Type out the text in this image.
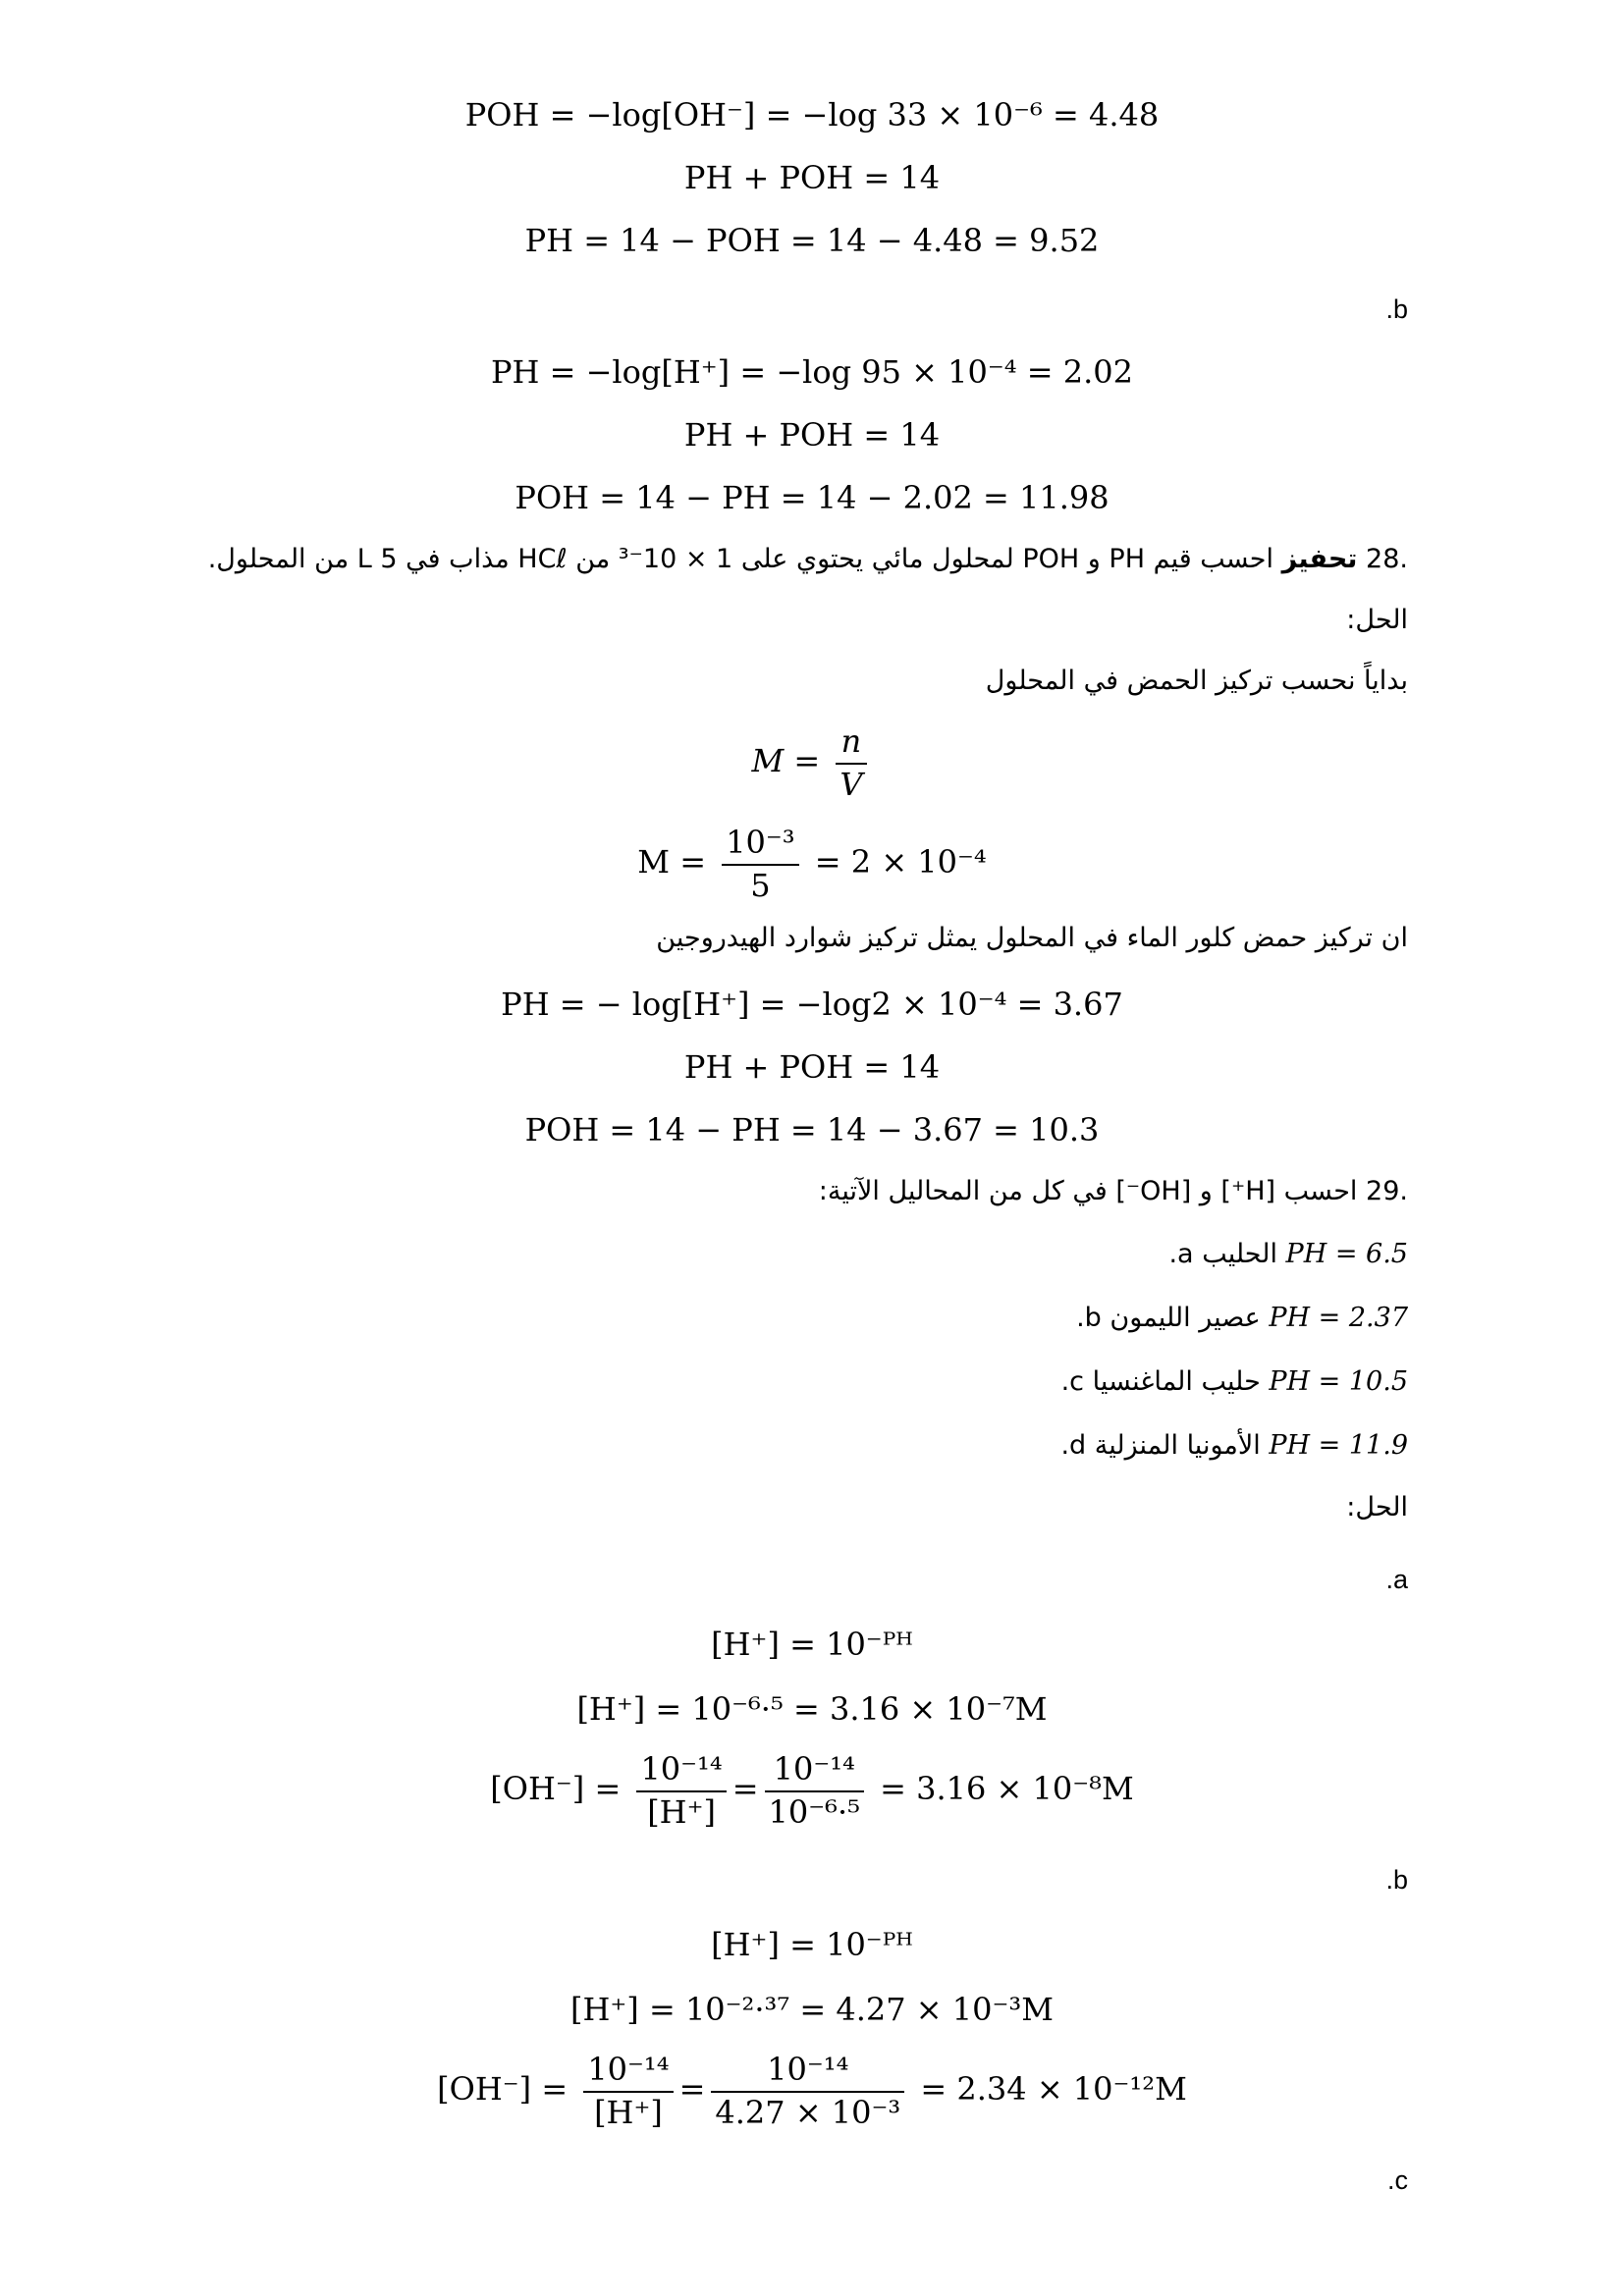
POH = −log[OH⁻] = −log 33 × 10⁻⁶ = 4.48
PH + POH = 14
PH = 14 − POH = 14 − 4.48 = 9.52
.b
PH = −log[H⁺] = −log 95 × 10⁻⁴ = 2.02
PH + POH = 14
POH = 14 − PH = 14 − 2.02 = 11.98
.28 تحفيز احسب قيم PH و POH لمحلول مائي يحتوي على 1 × 10⁻³ من HCℓ مذاب في 5 L من المحلول.
الحل:
بداياً نحسب تركيز الحمض في المحلول
$M = \frac{n}{V}$
$M = \frac{\text{10⁻³}}{5} = 2 \times 10^{-4}$
ان تركيز حمض كلور الماء في المحلول يمثل تركيز شوارد الهيدروجين
PH = − log[H⁺] = −log2 × 10⁻⁴ = 3.67
PH + POH = 14
POH = 14 − PH = 14 − 3.67 = 10.3
.29 احسب [H⁺] و [OH⁻] في كل من المحاليل الآتية:
.a الحليب PH = 6.5
.b عصير الليمون PH = 2.37
.c حليب الماغنسيا PH = 10.5
.d الأمونيا المنزلية PH = 11.9
الحل:
.a
[H⁺] = 10⁻ᴾᴴ
[H⁺] = 10⁻⁶·⁵ = 3.16 × 10⁻⁷M
$[OH^-] = \frac{\text{10⁻¹⁴}}{[H^+]} = \frac{\text{10⁻¹⁴}}{\text{10⁻⁶·⁵}} = 3.16 \times 10^{-8}M$
.b
[H⁺] = 10⁻ᴾᴴ
[H⁺] = 10⁻²·³⁷ = 4.27 × 10⁻³M
$[OH^-] = \frac{\text{10⁻¹⁴}}{[H^+]} = \frac{\text{10⁻¹⁴}}{\text{4.27 × 10⁻³}} = 2.34 \times 10^{-12}M$
.c
